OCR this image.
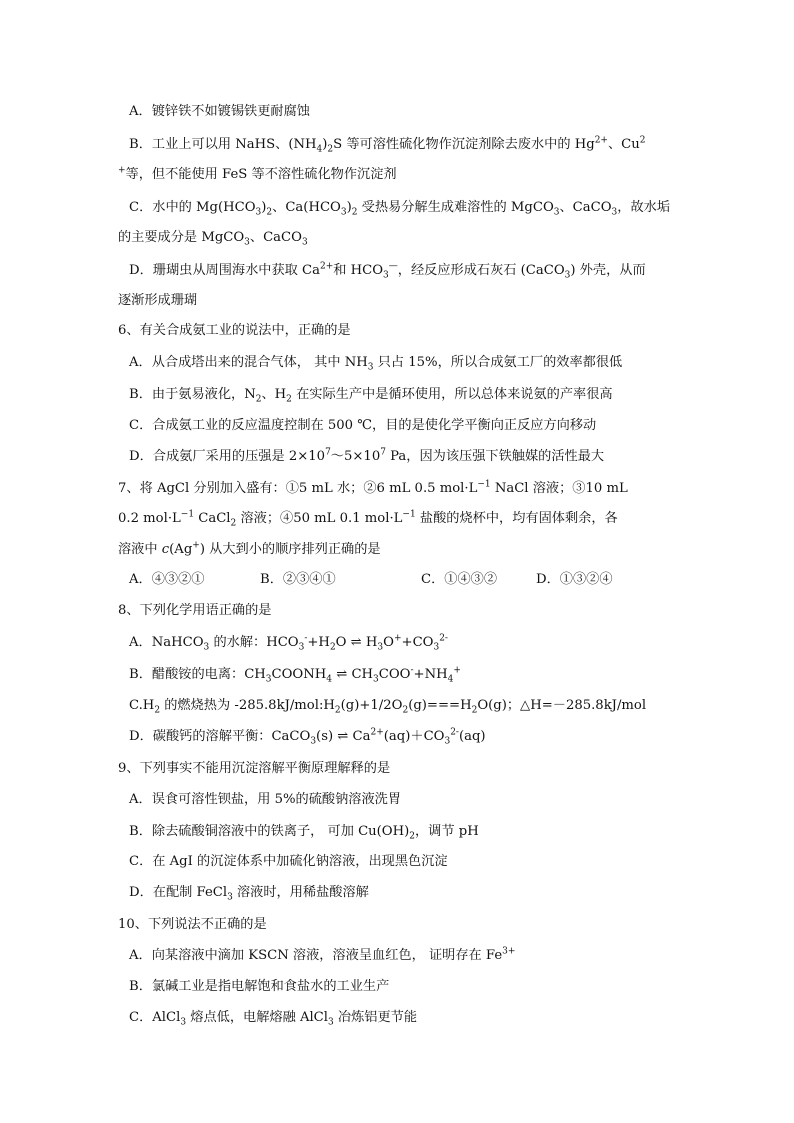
A．镀锌铁不如镀锡铁更耐腐蚀
B．工业上可以用 NaHS、$(NH_4)_2S$ 等可溶性硫化物作沉淀剂除去废水中的 $Hg^{2+}$、Cu$^2$
+等，但不能使用 FeS 等不溶性硫化物作沉淀剂
C．水中的 $Mg(HCO_3)_2$、$Ca(HCO_3)_2$ 受热易分解生成难溶性的 MgCO$_3$、CaCO$_3$，故水垢
的主要成分是 MgCO$_3$、CaCO$_3$
D．珊瑚虫从周围海水中获取 $Ca^{2+}$和 $HCO_3^—$，经反应形成石灰石 (CaCO$_3$) 外壳，从而
逐渐形成珊瑚
6、有关合成氨工业的说法中，正确的是
A．从合成塔出来的混合气体， 其中 $NH_3$ 只占 15%，所以合成氨工厂的效率都很低
B．由于氨易液化，$N_2$、$H_2$ 在实际生产中是循环使用，所以总体来说氨的产率很高
C．合成氨工业的反应温度控制在 500 ℃，目的是使化学平衡向正反应方向移动
D．合成氨厂采用的压强是 $2\times 10^7\sim 5\times 10^7$ Pa，因为该压强下铁触媒的活性最大
7、将 AgCl 分别加入盛有：①5 mL 水；②6 mL 0.5 $mol\cdot L^{-1}$ NaCl 溶液；③10 mL
0.2 $mol\cdot L^{-1}$ CaCl$_2$ 溶液；④50 mL 0.1 $mol\cdot L^{-1}$ 盐酸的烧杯中，均有固体剩余，各
溶液中 c(Ag+) 从大到小的顺序排列正确的是
A．④③②①	B．②③④①	C．①④③②	D．①③②④
8、下列化学用语正确的是
A．NaHCO$_3$ 的水解：$HCO_3^-+H_2O$ ⇌ $H_3O^++CO_3^{2-}$
B．醋酸铵的电离：$CH_3COONH_4$ ⇌ $CH_3COO^-+NH_4^+$
$C.H_2$ 的燃烧热为 $-285.8kJ/mol:H_2(g)+1/2O_2(g)===H_2O(g)$；△H=－285.8kJ/mol
D．碳酸钙的溶解平衡：CaCO$_3$(s) ⇌ $Ca^{2+}(aq)+CO_3^{2-}(aq)$
9、下列事实不能用沉淀溶解平衡原理解释的是
A．误食可溶性钡盐，用 5%的硫酸钠溶液洗胃
B．除去硫酸铜溶液中的铁离子， 可加 $Cu(OH)_2$，调节 pH
C．在 AgI 的沉淀体系中加硫化钠溶液，出现黑色沉淀
D．在配制 FeCl$_3$ 溶液时，用稀盐酸溶解
10、下列说法不正确的是
A．向某溶液中滴加 KSCN 溶液，溶液呈血红色， 证明存在 $Fe^{3+}$
B．氯碱工业是指电解饱和食盐水的工业生产
C．AlCl$_3$ 熔点低，电解熔融 AlCl$_3$ 冶炼铝更节能
